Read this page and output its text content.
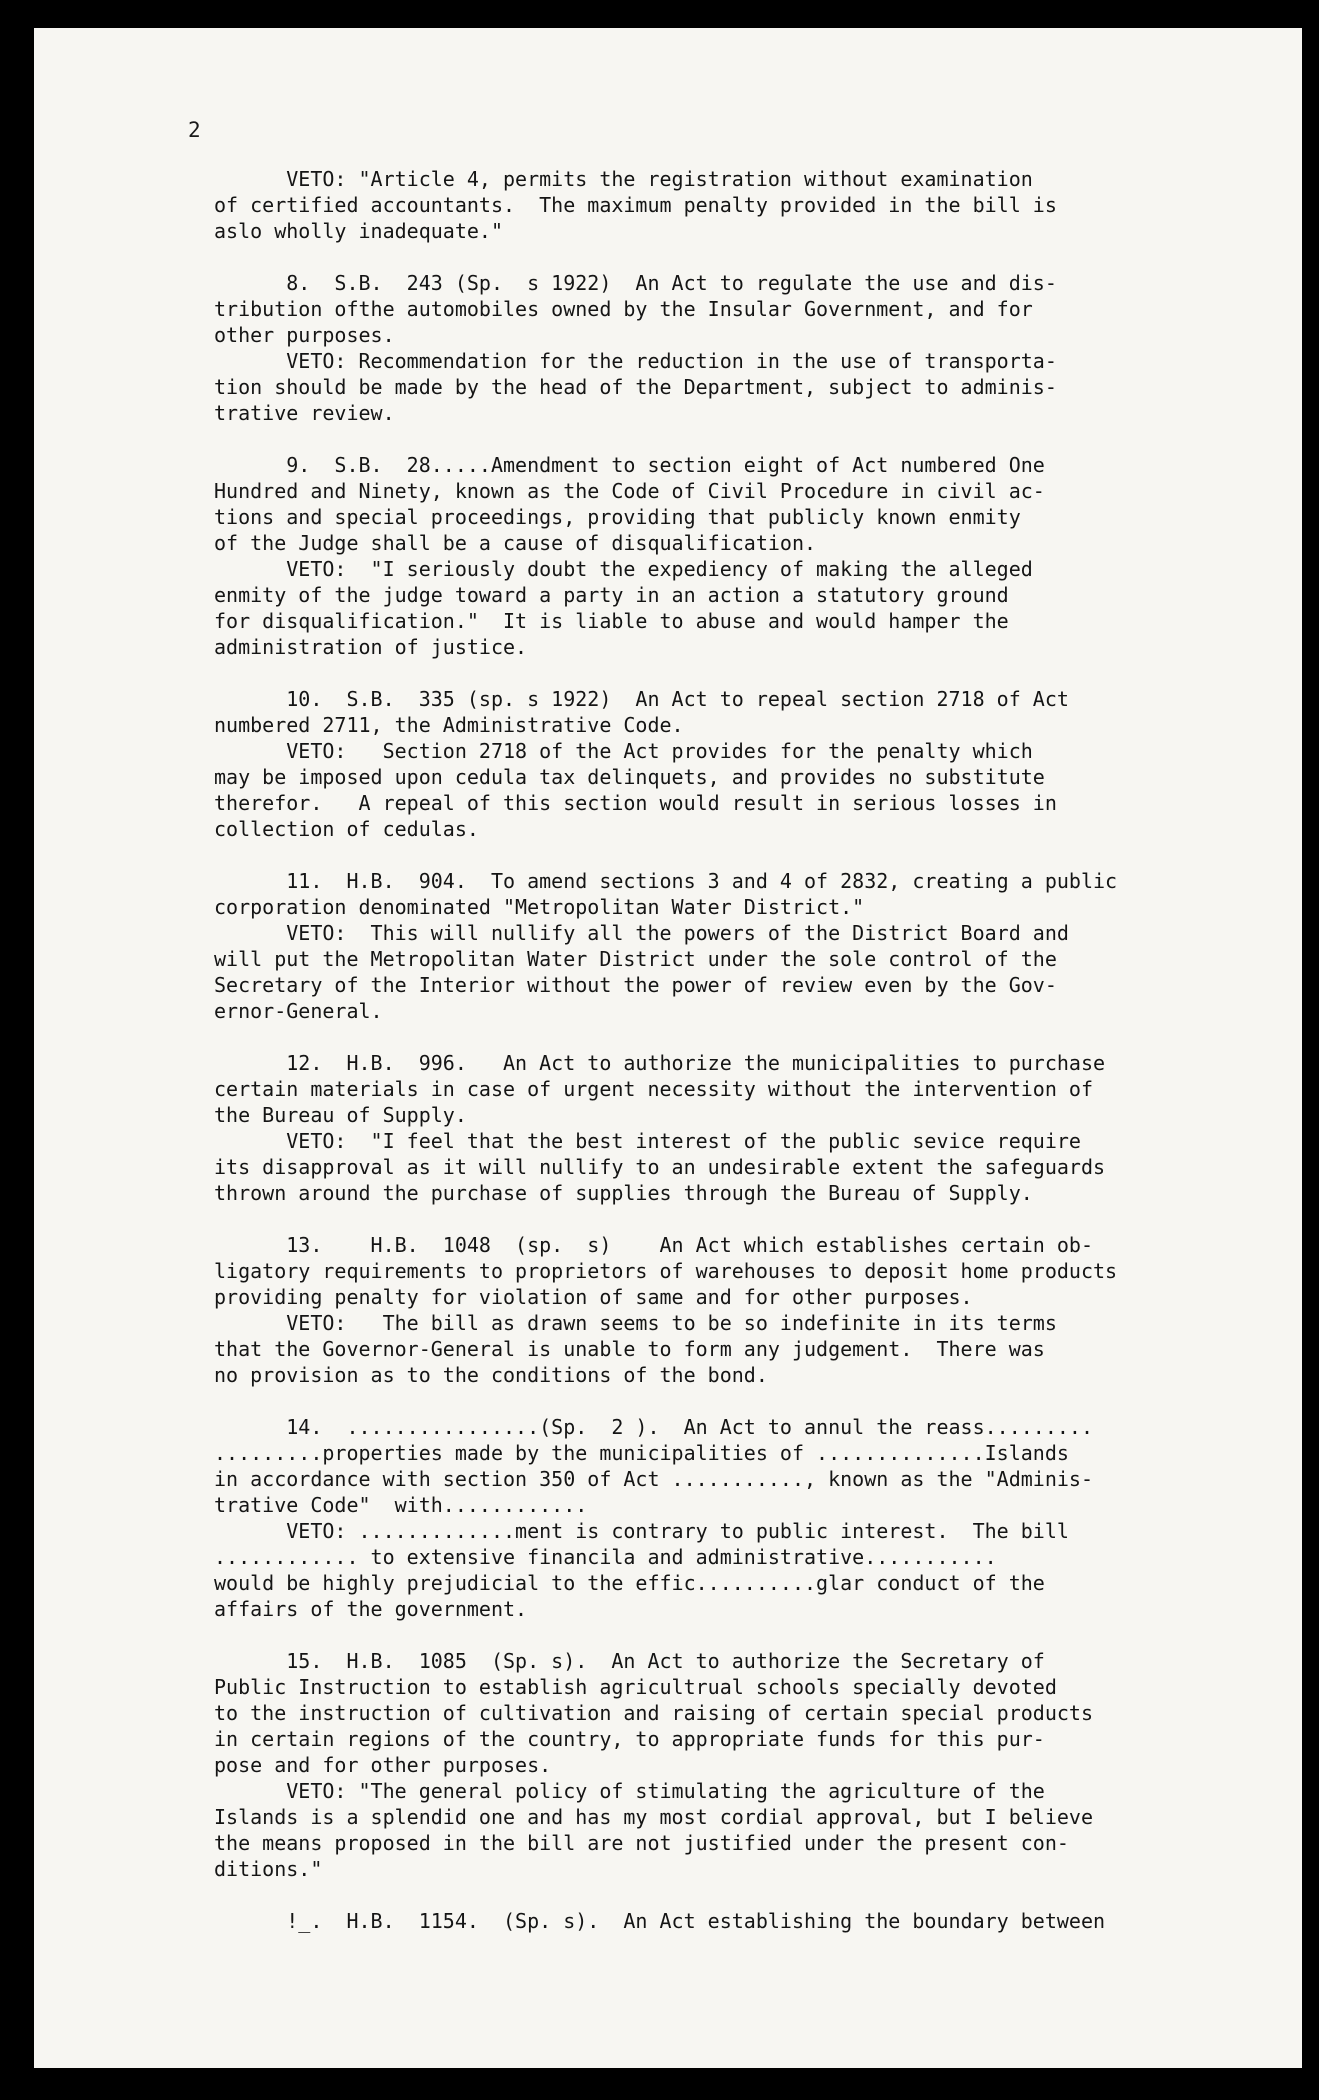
2
VETO: "Article 4, permits the registration without examination
of certified accountants.  The maximum penalty provided in the bill is
aslo wholly inadequate."
8.  S.B.  243 (Sp.  s 1922)  An Act to regulate the use and dis-
tribution ofthe automobiles owned by the Insular Government, and for
other purposes.
VETO: Recommendation for the reduction in the use of transporta-
tion should be made by the head of the Department, subject to adminis-
trative review.
9.  S.B.  28.....Amendment to section eight of Act numbered One
Hundred and Ninety, known as the Code of Civil Procedure in civil ac-
tions and special proceedings, providing that publicly known enmity
of the Judge shall be a cause of disqualification.
VETO:  "I seriously doubt the expediency of making the alleged
enmity of the judge toward a party in an action a statutory ground
for disqualification."  It is liable to abuse and would hamper the
administration of justice.
10.  S.B.  335 (sp. s 1922)  An Act to repeal section 2718 of Act
numbered 2711, the Administrative Code.
VETO:   Section 2718 of the Act provides for the penalty which
may be imposed upon cedula tax delinquets, and provides no substitute
therefor.   A repeal of this section would result in serious losses in
collection of cedulas.
11.  H.B.  904.  To amend sections 3 and 4 of 2832, creating a public
corporation denominated "Metropolitan Water District."
VETO:  This will nullify all the powers of the District Board and
will put the Metropolitan Water District under the sole control of the
Secretary of the Interior without the power of review even by the Gov-
ernor-General.
12.  H.B.  996.   An Act to authorize the municipalities to purchase
certain materials in case of urgent necessity without the intervention of
the Bureau of Supply.
VETO:  "I feel that the best interest of the public sevice require
its disapproval as it will nullify to an undesirable extent the safeguards
thrown around the purchase of supplies through the Bureau of Supply.
13.    H.B.  1048  (sp.  s)    An Act which establishes certain ob-
ligatory requirements to proprietors of warehouses to deposit home products
providing penalty for violation of same and for other purposes.
VETO:   The bill as drawn seems to be so indefinite in its terms
that the Governor-General is unable to form any judgement.  There was
no provision as to the conditions of the bond.
14.  ................(Sp.  2 ).  An Act to annul the reass.........
.........properties made by the municipalities of ..............Islands
in accordance with section 350 of Act ..........., known as the "Adminis-
trative Code"  with............
VETO: .............ment is contrary to public interest.  The bill
............ to extensive financila and administrative...........
would be highly prejudicial to the effic..........glar conduct of the
affairs of the government.
15.  H.B.  1085  (Sp. s).  An Act to authorize the Secretary of
Public Instruction to establish agricultrual schools specially devoted
to the instruction of cultivation and raising of certain special products
in certain regions of the country, to appropriate funds for this pur-
pose and for other purposes.
VETO: "The general policy of stimulating the agriculture of the
Islands is a splendid one and has my most cordial approval, but I believe
the means proposed in the bill are not justified under the present con-
ditions."
!_.  H.B.  1154.  (Sp. s).  An Act establishing the boundary between
